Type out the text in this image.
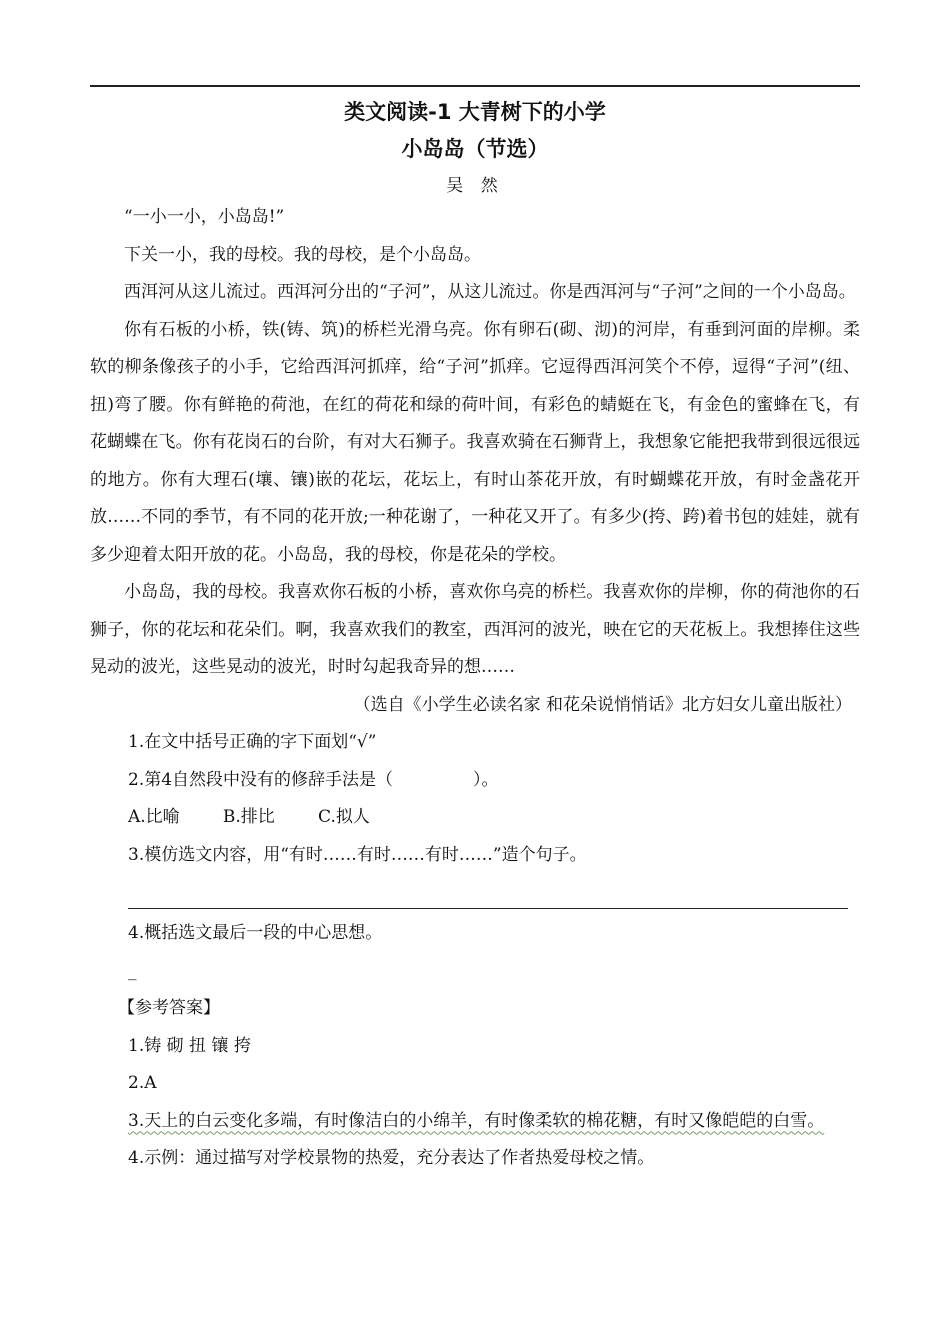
类文阅读-1 大青树下的小学
小岛岛（节选）
吴 然

“一小一小，小岛岛!”

下关一小，我的母校。我的母校，是个小岛岛。

西洱河从这儿流过。西洱河分出的“子河”，从这儿流过。你是西洱河与“子河”之间的一个小岛岛。

你有石板的小桥，铁(铸、筑)的桥栏光滑乌亮。你有卵石(砌、沏)的河岸，有垂到河面的岸柳。柔软的柳条像孩子的小手，它给西洱河抓痒，给“子河”抓痒。它逗得西洱河笑个不停，逗得“子河”(纽、扭)弯了腰。你有鲜艳的荷池，在红的荷花和绿的荷叶间，有彩色的蜻蜓在飞，有金色的蜜蜂在飞，有花蝴蝶在飞。你有花岗石的台阶，有对大石狮子。我喜欢骑在石狮背上，我想象它能把我带到很远很远的地方。你有大理石(壤、镶)嵌的花坛，花坛上，有时山茶花开放，有时蝴蝶花开放，有时金盏花开放……不同的季节，有不同的花开放;一种花谢了，一种花又开了。有多少(挎、跨)着书包的娃娃，就有多少迎着太阳开放的花。小岛岛，我的母校，你是花朵的学校。

小岛岛，我的母校。我喜欢你石板的小桥，喜欢你乌亮的桥栏。我喜欢你的岸柳，你的荷池你的石狮子，你的花坛和花朵们。啊，我喜欢我们的教室，西洱河的波光，映在它的天花板上。我想捧住这些晃动的波光，这些晃动的波光，时时勾起我奇异的想……

（选自《小学生必读名家 和花朵说悄悄话》北方妇女儿童出版社）

1.在文中括号正确的字下面划“√”

2.第4自然段中没有的修辞手法是（	）。

A.比喻        B.排比        C.拟人

3.模仿选文内容，用“有时……有时……有时……”造个句子。

4.概括选文最后一段的中心思想。

_

【参考答案】

1.铸 砌 扭 镶 挎

2.A

3.天上的白云变化多端，有时像洁白的小绵羊，有时像柔软的棉花糖，有时又像皑皑的白雪。

4.示例：通过描写对学校景物的热爱，充分表达了作者热爱母校之情。
